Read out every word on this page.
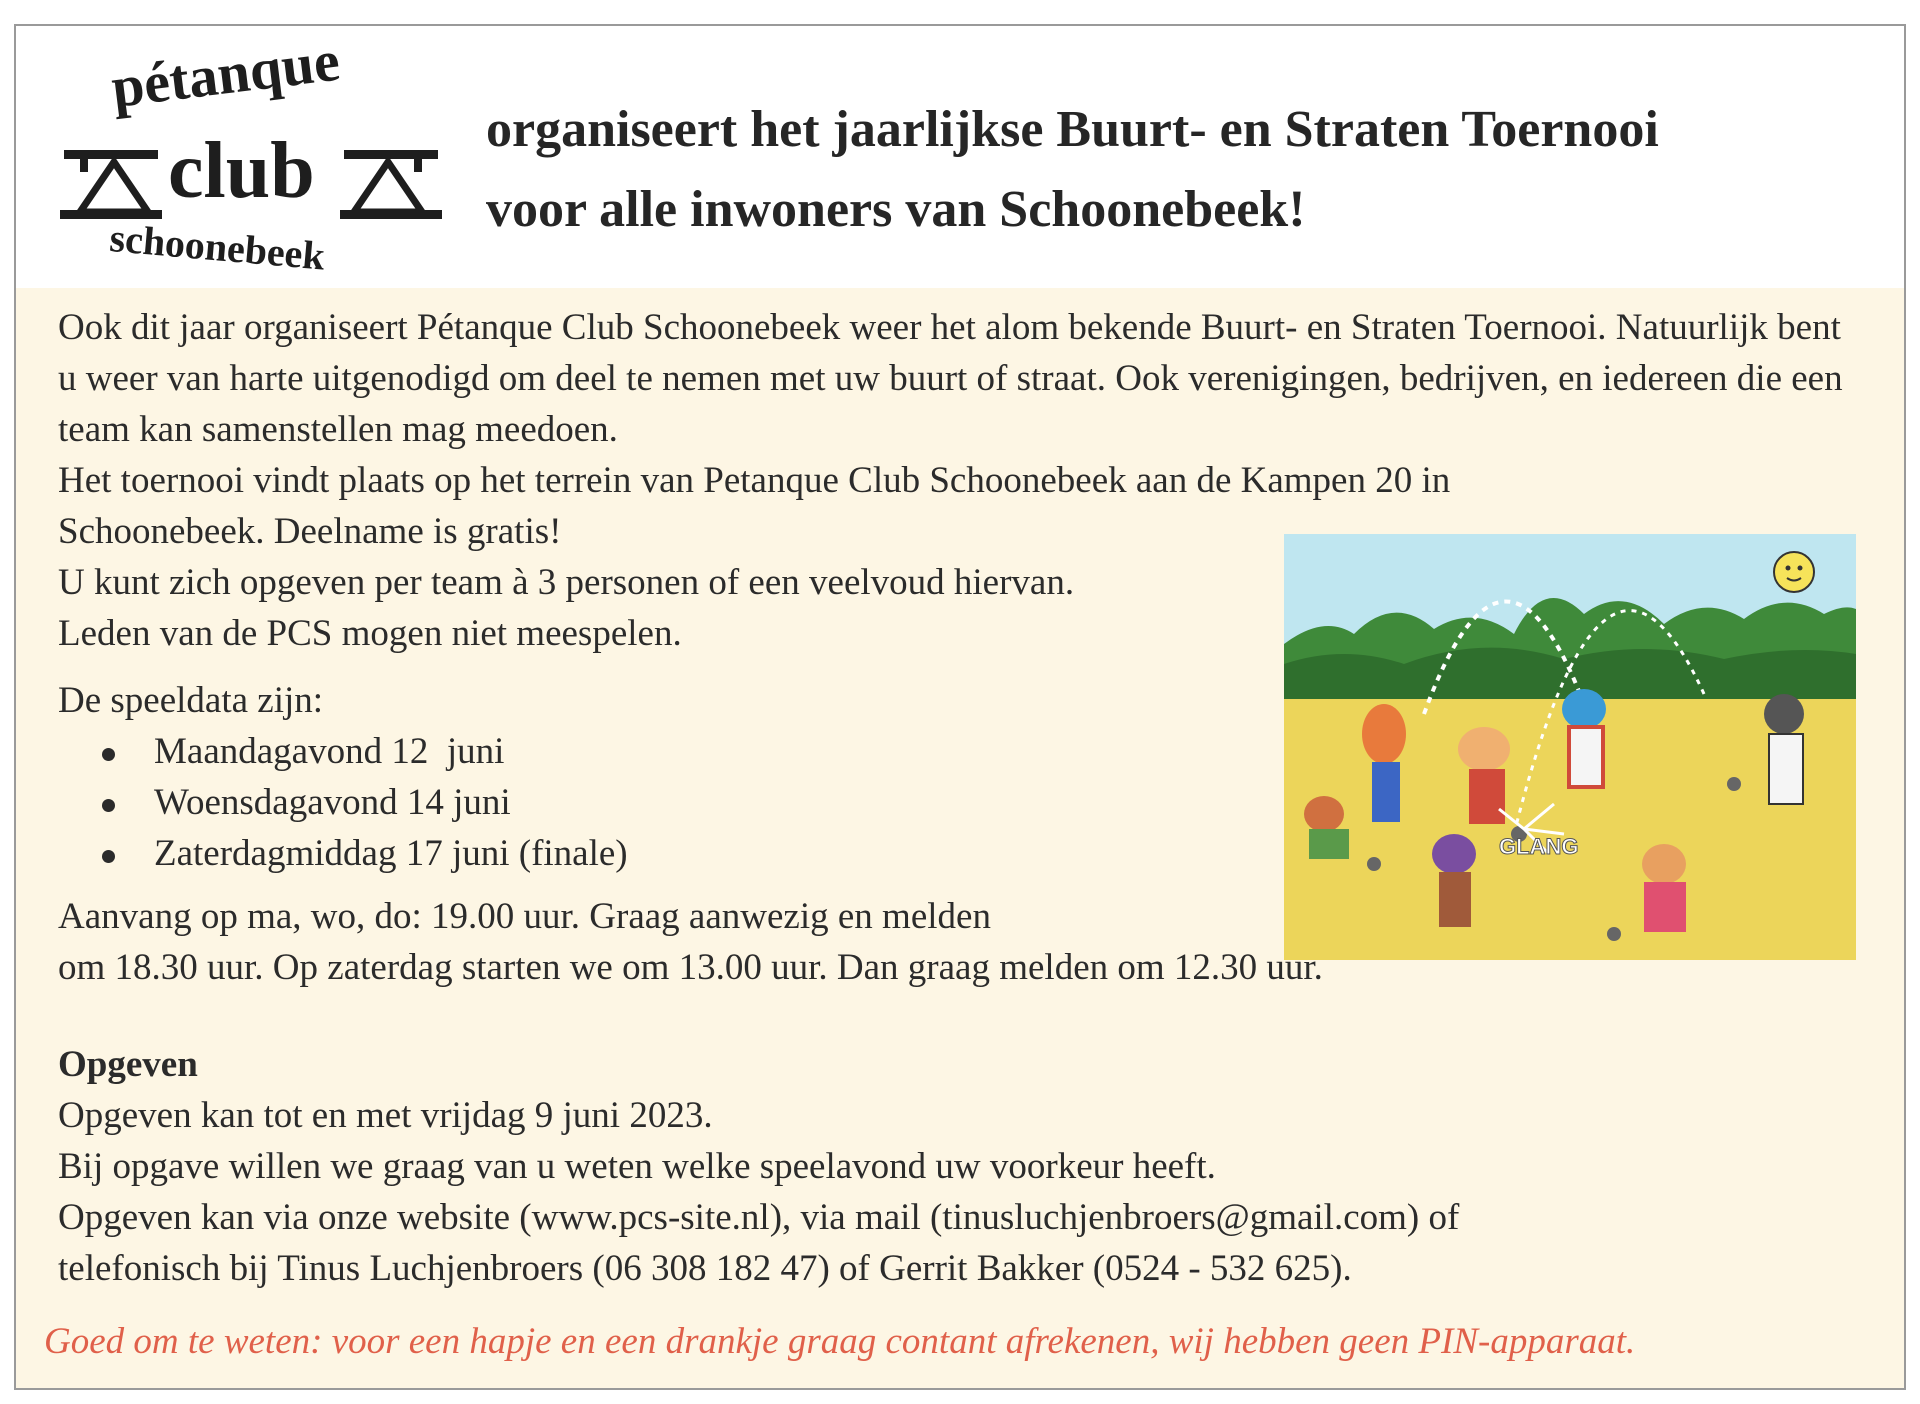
pétanque
club
schoonebeek
organiseert het jaarlijkse Buurt- en Straten Toernooi
voor alle inwoners van Schoonebeek!
GLANG

Ook dit jaar organiseert Pétanque Club Schoonebeek weer het alom bekende Buurt- en Straten Toernooi. Natuurlijk bent u weer van harte uitgenodigd om deel te nemen met uw buurt of straat. Ook verenigingen, bedrijven, en iedereen die een team kan samenstellen mag meedoen.

Het toernooi vindt plaats op het terrein van Petanque Club Schoonebeek aan de Kampen 20 in
Schoonebeek. Deelname is gratis!
U kunt zich opgeven per team à 3 personen of een veelvoud hiervan.
Leden van de PCS mogen niet meespelen.
De speeldata zijn:
Maandagavond 12  juni
Woensdagavond 14 juni
Zaterdagmiddag 17 juni (finale)
Aanvang op ma, wo, do: 19.00 uur. Graag aanwezig en melden
om 18.30 uur. Op zaterdag starten we om 13.00 uur. Dan graag melden om 12.30 uur.
Opgeven
Opgeven kan tot en met vrijdag 9 juni 2023.
Bij opgave willen we graag van u weten welke speelavond uw voorkeur heeft.
Opgeven kan via onze website (www.pcs-site.nl), via mail (tinusluchjenbroers@gmail.com) of
telefonisch bij Tinus Luchjenbroers (06 308 182 47) of Gerrit Bakker (0524 - 532 625).
Goed om te weten: voor een hapje en een drankje graag contant afrekenen, wij hebben geen PIN-apparaat.
